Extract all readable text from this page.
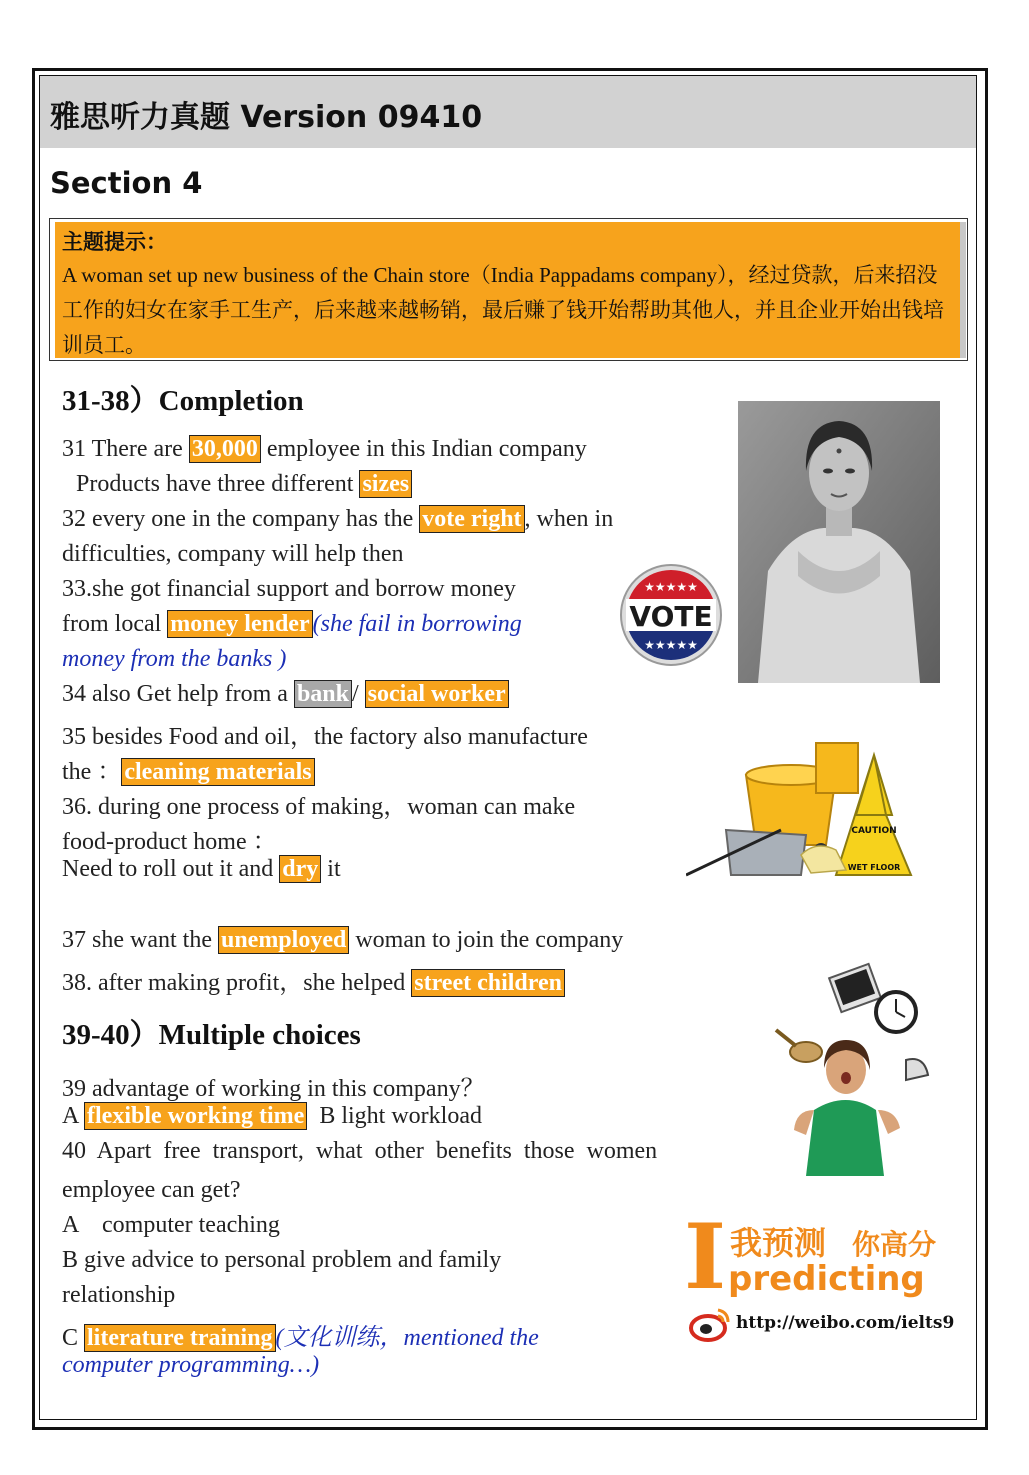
雅思听力真题 Version 09410
Section 4
主题提示：
A woman set up new business of the Chain store（India Pappadams company），经过贷款，后来招没工作的妇女在家手工生产，后来越来越畅销，最后赚了钱开始帮助其他人，并且企业开始出钱培训员工。
31-38）Completion
31 There are 30,000 employee in this Indian company
Products have three different sizes
32 every one in the company has the vote right , when in
difficulties, company will help then
33.she got financial support and borrow money
from local money lender (she fail in borrowing
money from the banks )
34 also Get help from a bank / social worker
35 besides Food and oil，the factory also manufacture
the ： cleaning materials
36. during one process of making，woman can make
food-product home ：
Need to roll out it and dry it
37 she want the unemployed woman to join the company
38. after making profit，she helped street children
39-40）Multiple choices
39 advantage of working in this company？
A flexible working time  B light workload
40  Apart  free  transport,  what  other  benefits  those  women
employee can get?
A    computer teaching
B give advice to personal problem and family
relationship
C literature training (文化训练，mentioned the
computer programming…)
★★★★★
★★★★★
VOTE
CAUTION
WET FLOOR
I 我预测 你高分
predicting
http://weibo.com/ielts9
